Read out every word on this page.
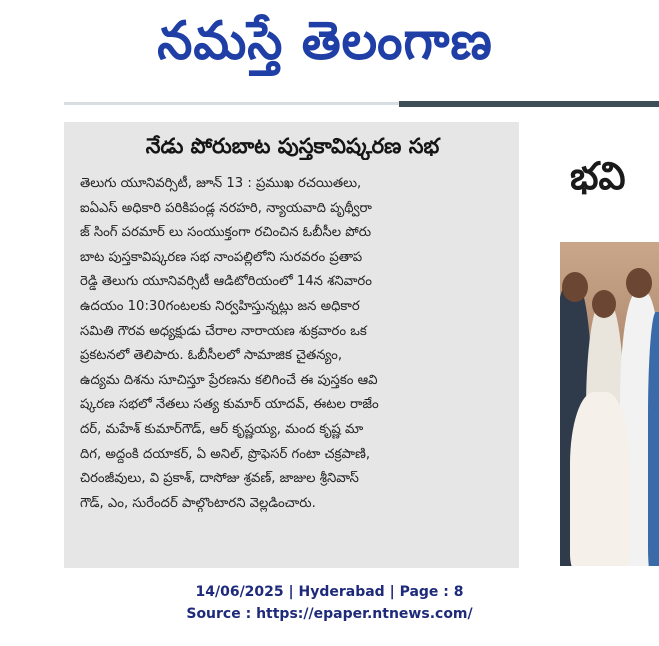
నమస్తే తెలంగాణ
నేడు పోరుబాట పుస్తకావిష్కరణ సభ
తెలుగు యూనివర్సిటీ, జూన్ 13 : ప్రముఖ రచయితలు,
ఐఏఎస్ అధికారి పరికిపండ్ల నరహరి, న్యాయవాది పృథ్వీరా
జ్ సింగ్ పరమార్ లు సంయుక్తంగా రచించిన ఓబీసీల పోరు
బాట పుస్తకావిష్కరణ సభ నాంపల్లిలోని సురవరం ప్రతాప
రెడ్డి తెలుగు యూనివర్సిటీ ఆడిటోరియంలో 14న శనివారం
ఉదయం 10:30గంటలకు నిర్వహిస్తున్నట్లు జన అధికార
సమితి గౌరవ అధ్యక్షుడు చేరాల నారాయణ శుక్రవారం ఒక
ప్రకటనలో తెలిపారు. ఓబీసీలలో సామాజిక చైతన్యం,
ఉద్యమ దిశను సూచిస్తూ ప్రేరణను కలిగించే ఈ పుస్తకం ఆవి
ష్కరణ సభలో నేతలు సత్య కుమార్ యాదవ్, ఈటల రాజేం
దర్, మహేశ్ కుమార్‌గౌడ్, ఆర్ కృష్ణయ్య, మంద కృష్ణ మా
దిగ, అద్దంకి దయాకర్, ఏ అనిల్, ప్రొఫెసర్ గంటా చక్రపాణి,
చిరంజీవులు, వి ప్రకాశ్, దాసోజు శ్రవణ్, జాజుల శ్రీనివాస్
గౌడ్, ఎం, సురేందర్ పాల్గొంటారని వెల్లడించారు.
భవి
14/06/2025 | Hyderabad | Page : 8
Source : https://epaper.ntnews.com/
